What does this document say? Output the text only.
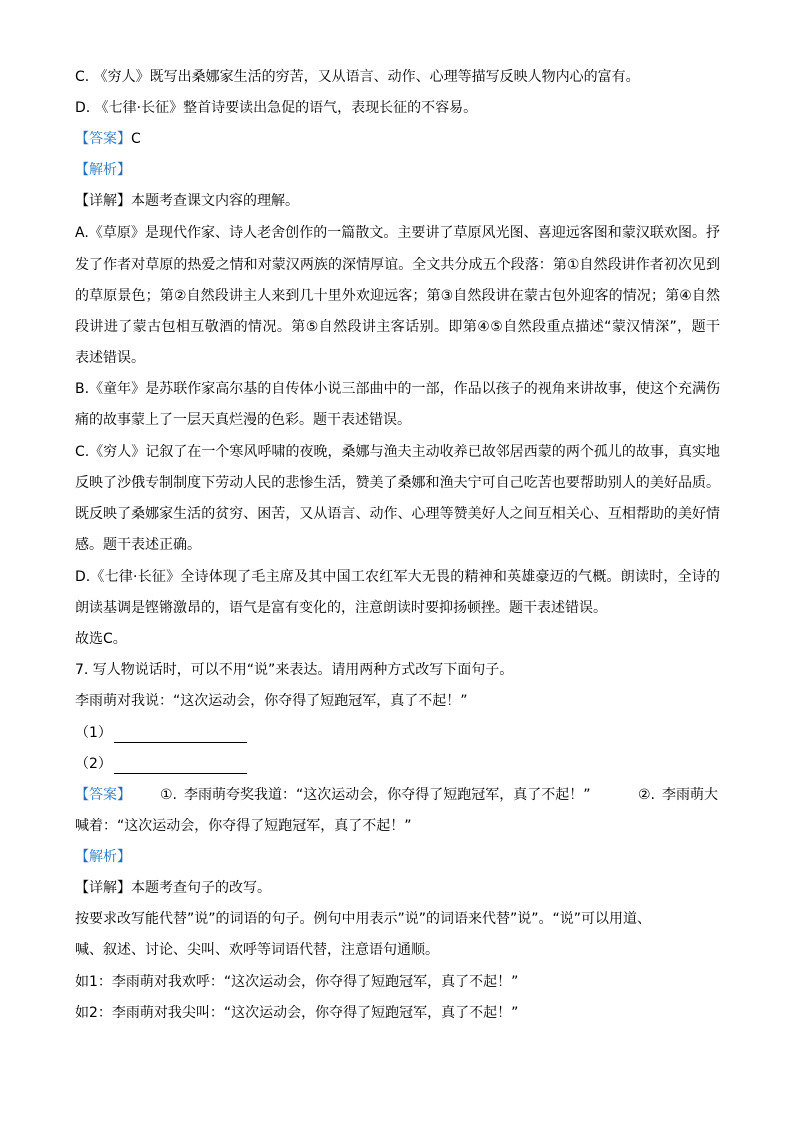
C. 《穷人》既写出桑娜家生活的穷苦，又从语言、动作、心理等描写反映人物内心的富有。
D. 《七律·长征》整首诗要读出急促的语气，表现长征的不容易。
【答案】C
【解析】
【详解】本题考查课文内容的理解。
A.《草原》是现代作家、诗人老舍创作的一篇散文。主要讲了草原风光图、喜迎远客图和蒙汉联欢图。抒
发了作者对草原的热爱之情和对蒙汉两族的深情厚谊。全文共分成五个段落：第①自然段讲作者初次见到
的草原景色；第②自然段讲主人来到几十里外欢迎远客；第③自然段讲在蒙古包外迎客的情况；第④自然
段讲进了蒙古包相互敬酒的情况。第⑤自然段讲主客话别。即第④⑤自然段重点描述“蒙汉情深”，题干
表述错误。
B.《童年》是苏联作家高尔基的自传体小说三部曲中的一部，作品以孩子的视角来讲故事，使这个充满伤
痛的故事蒙上了一层天真烂漫的色彩。题干表述错误。
C.《穷人》记叙了在一个寒风呼啸的夜晚，桑娜与渔夫主动收养已故邻居西蒙的两个孤儿的故事，真实地
反映了沙俄专制制度下劳动人民的悲惨生活，赞美了桑娜和渔夫宁可自己吃苦也要帮助别人的美好品质。
既反映了桑娜家生活的贫穷、困苦，又从语言、动作、心理等赞美好人之间互相关心、互相帮助的美好情
感。题干表述正确。
D.《七律·长征》全诗体现了毛主席及其中国工农红军大无畏的精神和英雄豪迈的气概。朗读时，全诗的
朗读基调是铿锵激昂的，语气是富有变化的，注意朗读时要抑扬顿挫。题干表述错误。
故选C。
7. 写人物说话时，可以不用“说”来表达。请用两种方式改写下面句子。
李雨萌对我说：“这次运动会，你夺得了短跑冠军，真了不起！”
（1）
（2）
【答案】 ①. 李雨萌夸奖我道：“这次运动会，你夺得了短跑冠军，真了不起！”	②. 李雨萌大
喊着：“这次运动会，你夺得了短跑冠军，真了不起！”
【解析】
【详解】本题考查句子的改写。
按要求改写能代替”说”的词语的句子。例句中用表示”说”的词语来代替”说”。“说”可以用道、
喊、叙述、讨论、尖叫、欢呼等词语代替，注意语句通顺。
如1：李雨萌对我欢呼：“这次运动会，你夺得了短跑冠军，真了不起！”
如2：李雨萌对我尖叫：“这次运动会，你夺得了短跑冠军，真了不起！”
